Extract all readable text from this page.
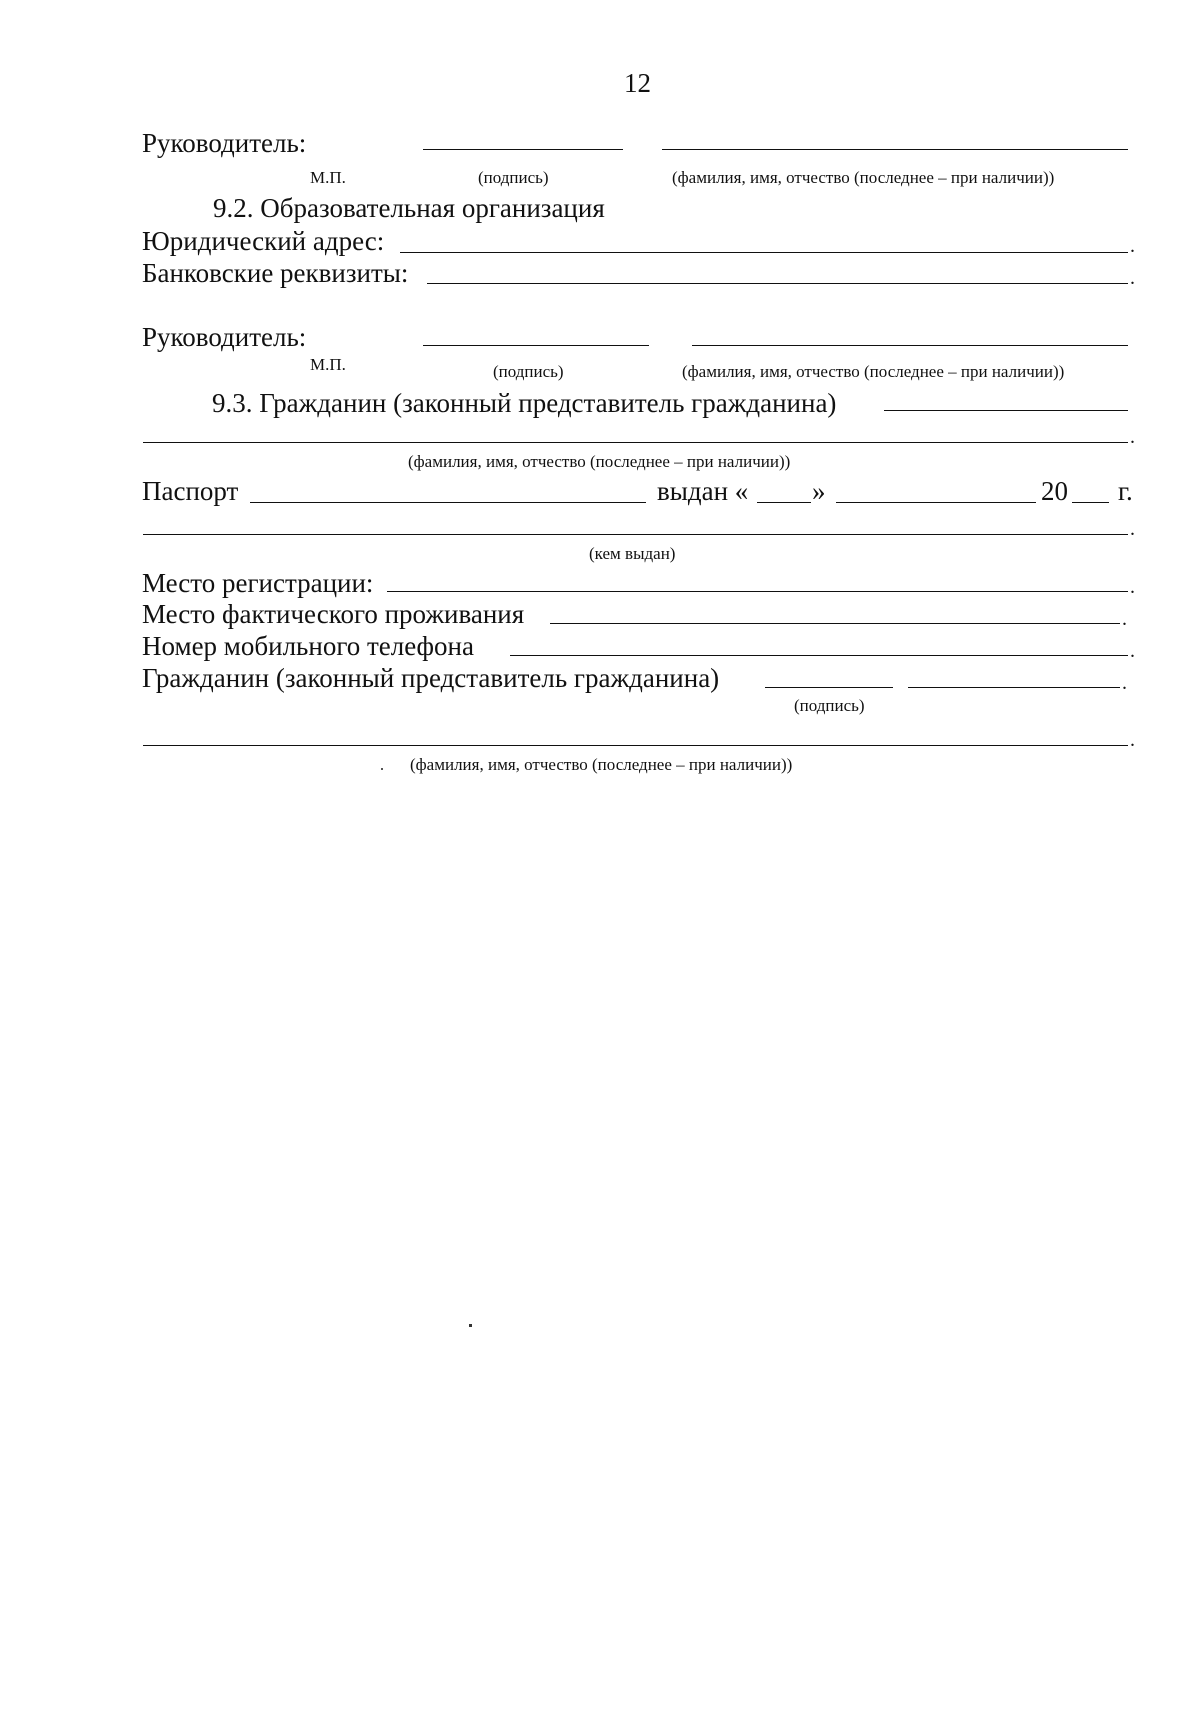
12
Руководитель:
М.П.	(подпись)	(фамилия, имя, отчество (последнее – при наличии))
9.2. Образовательная организация
Юридический адрес:	.
Банковские реквизиты:	.
Руководитель:
М.П.	(подпись)	(фамилия, имя, отчество (последнее – при наличии))
9.3. Гражданин (законный представитель гражданина)
.
(фамилия, имя, отчество (последнее – при наличии))
Паспорт	выдан « »	20 г.
.
(кем выдан)
Место регистрации:	.
Место фактического проживания	.
Номер мобильного телефона	.
Гражданин (законный представитель гражданина)	.
(подпись)
.
(фамилия, имя, отчество (последнее – при наличии))
